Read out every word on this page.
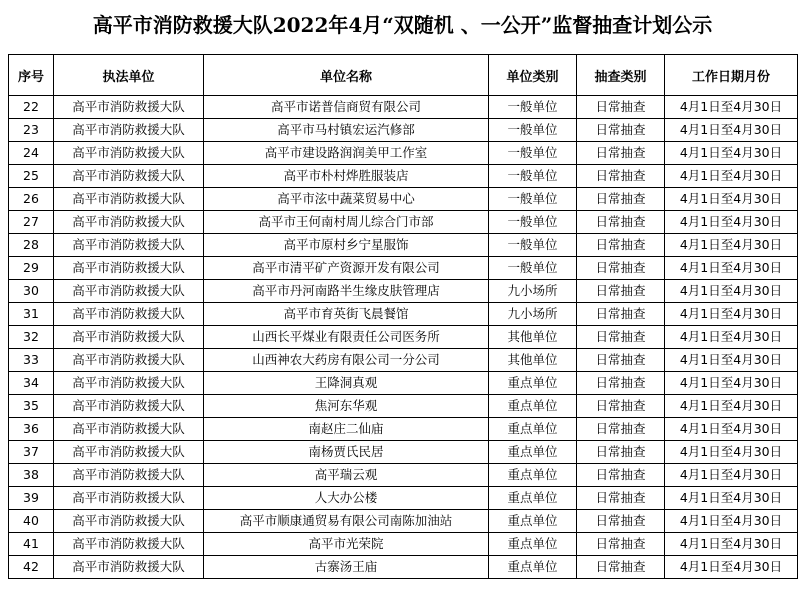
高平市消防救援大队2022年4月“双随机 、一公开”监督抽查计划公示
序号	执法单位	单位名称	单位类别	抽查类别	工作日期月份
22	高平市消防救援大队	高平市诺普信商贸有限公司	一般单位	日常抽查	4月1日至4月30日
23	高平市消防救援大队	高平市马村镇宏运汽修部	一般单位	日常抽查	4月1日至4月30日
24	高平市消防救援大队	高平市建设路润润美甲工作室	一般单位	日常抽查	4月1日至4月30日
25	高平市消防救援大队	高平市朴村烨胜服装店	一般单位	日常抽查	4月1日至4月30日
26	高平市消防救援大队	高平市泫中蔬菜贸易中心	一般单位	日常抽查	4月1日至4月30日
27	高平市消防救援大队	高平市王何南村周儿综合门市部	一般单位	日常抽查	4月1日至4月30日
28	高平市消防救援大队	高平市原村乡宁星服饰	一般单位	日常抽查	4月1日至4月30日
29	高平市消防救援大队	高平市清平矿产资源开发有限公司	一般单位	日常抽查	4月1日至4月30日
30	高平市消防救援大队	高平市丹河南路半生缘皮肤管理店	九小场所	日常抽查	4月1日至4月30日
31	高平市消防救援大队	高平市育英街飞晨餐馆	九小场所	日常抽查	4月1日至4月30日
32	高平市消防救援大队	山西长平煤业有限责任公司医务所	其他单位	日常抽查	4月1日至4月30日
33	高平市消防救援大队	山西神农大药房有限公司一分公司	其他单位	日常抽查	4月1日至4月30日
34	高平市消防救援大队	王降洞真观	重点单位	日常抽查	4月1日至4月30日
35	高平市消防救援大队	焦河东华观	重点单位	日常抽查	4月1日至4月30日
36	高平市消防救援大队	南赵庄二仙庙	重点单位	日常抽查	4月1日至4月30日
37	高平市消防救援大队	南杨贾氏民居	重点单位	日常抽查	4月1日至4月30日
38	高平市消防救援大队	高平瑞云观	重点单位	日常抽查	4月1日至4月30日
39	高平市消防救援大队	人大办公楼	重点单位	日常抽查	4月1日至4月30日
40	高平市消防救援大队	高平市顺康通贸易有限公司南陈加油站	重点单位	日常抽查	4月1日至4月30日
41	高平市消防救援大队	高平市光荣院	重点单位	日常抽查	4月1日至4月30日
42	高平市消防救援大队	古寨汤王庙	重点单位	日常抽查	4月1日至4月30日
